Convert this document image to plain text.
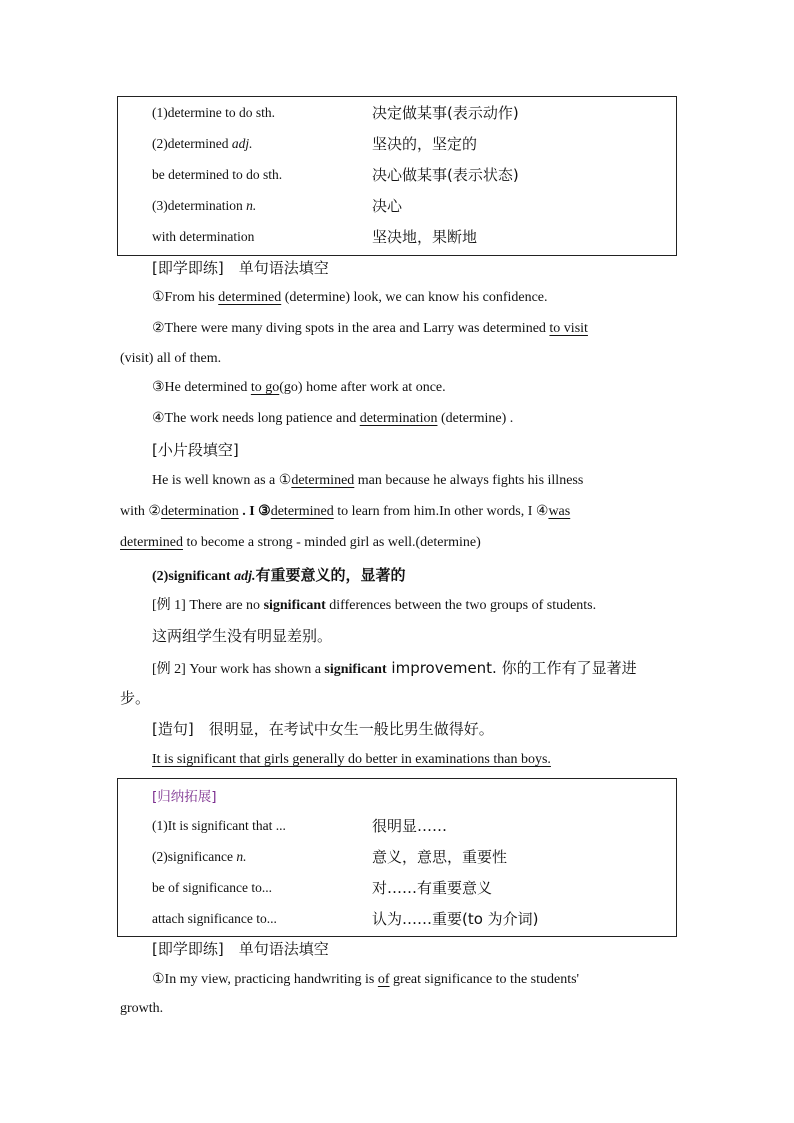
(1)determine to do sth.	决定做某事(表示动作)
(2)determined adj.	坚决的，坚定的
be determined to do sth.	决心做某事(表示状态)
(3)determination n.	决心
with determination	坚决地，果断地
[即学即练]　单句语法填空
①From his determined (determine) look, we can know his confidence.
②There were many diving spots in the area and Larry was determined to visit
(visit) all of them.
③He determined to go(go) home after work at once.
④The work needs long patience and determination (determine) .
[小片段填空]
He is well known as a ①determined man because he always fights his illness
with ②determination . I ③determined to learn from him.In other words, I ④was
determined to become a strong - minded girl as well.(determine)
(2)significant adj.有重要意义的，显著的
[例 1] There are no significant differences between the two groups of students.
这两组学生没有明显差别。
[例 2] Your work has shown a significant improvement. 你的工作有了显著进
步。
[造句]　很明显，在考试中女生一般比男生做得好。
It is significant that girls generally do better in examinations than boys.
[归纳拓展]
(1)It is significant that ...	很明显……
(2)significance n.	意义，意思，重要性
be of significance to...	对……有重要意义
attach significance to...	认为……重要(to 为介词)
[即学即练]　单句语法填空
①In my view, practicing handwriting is of great significance to the students'
growth.
